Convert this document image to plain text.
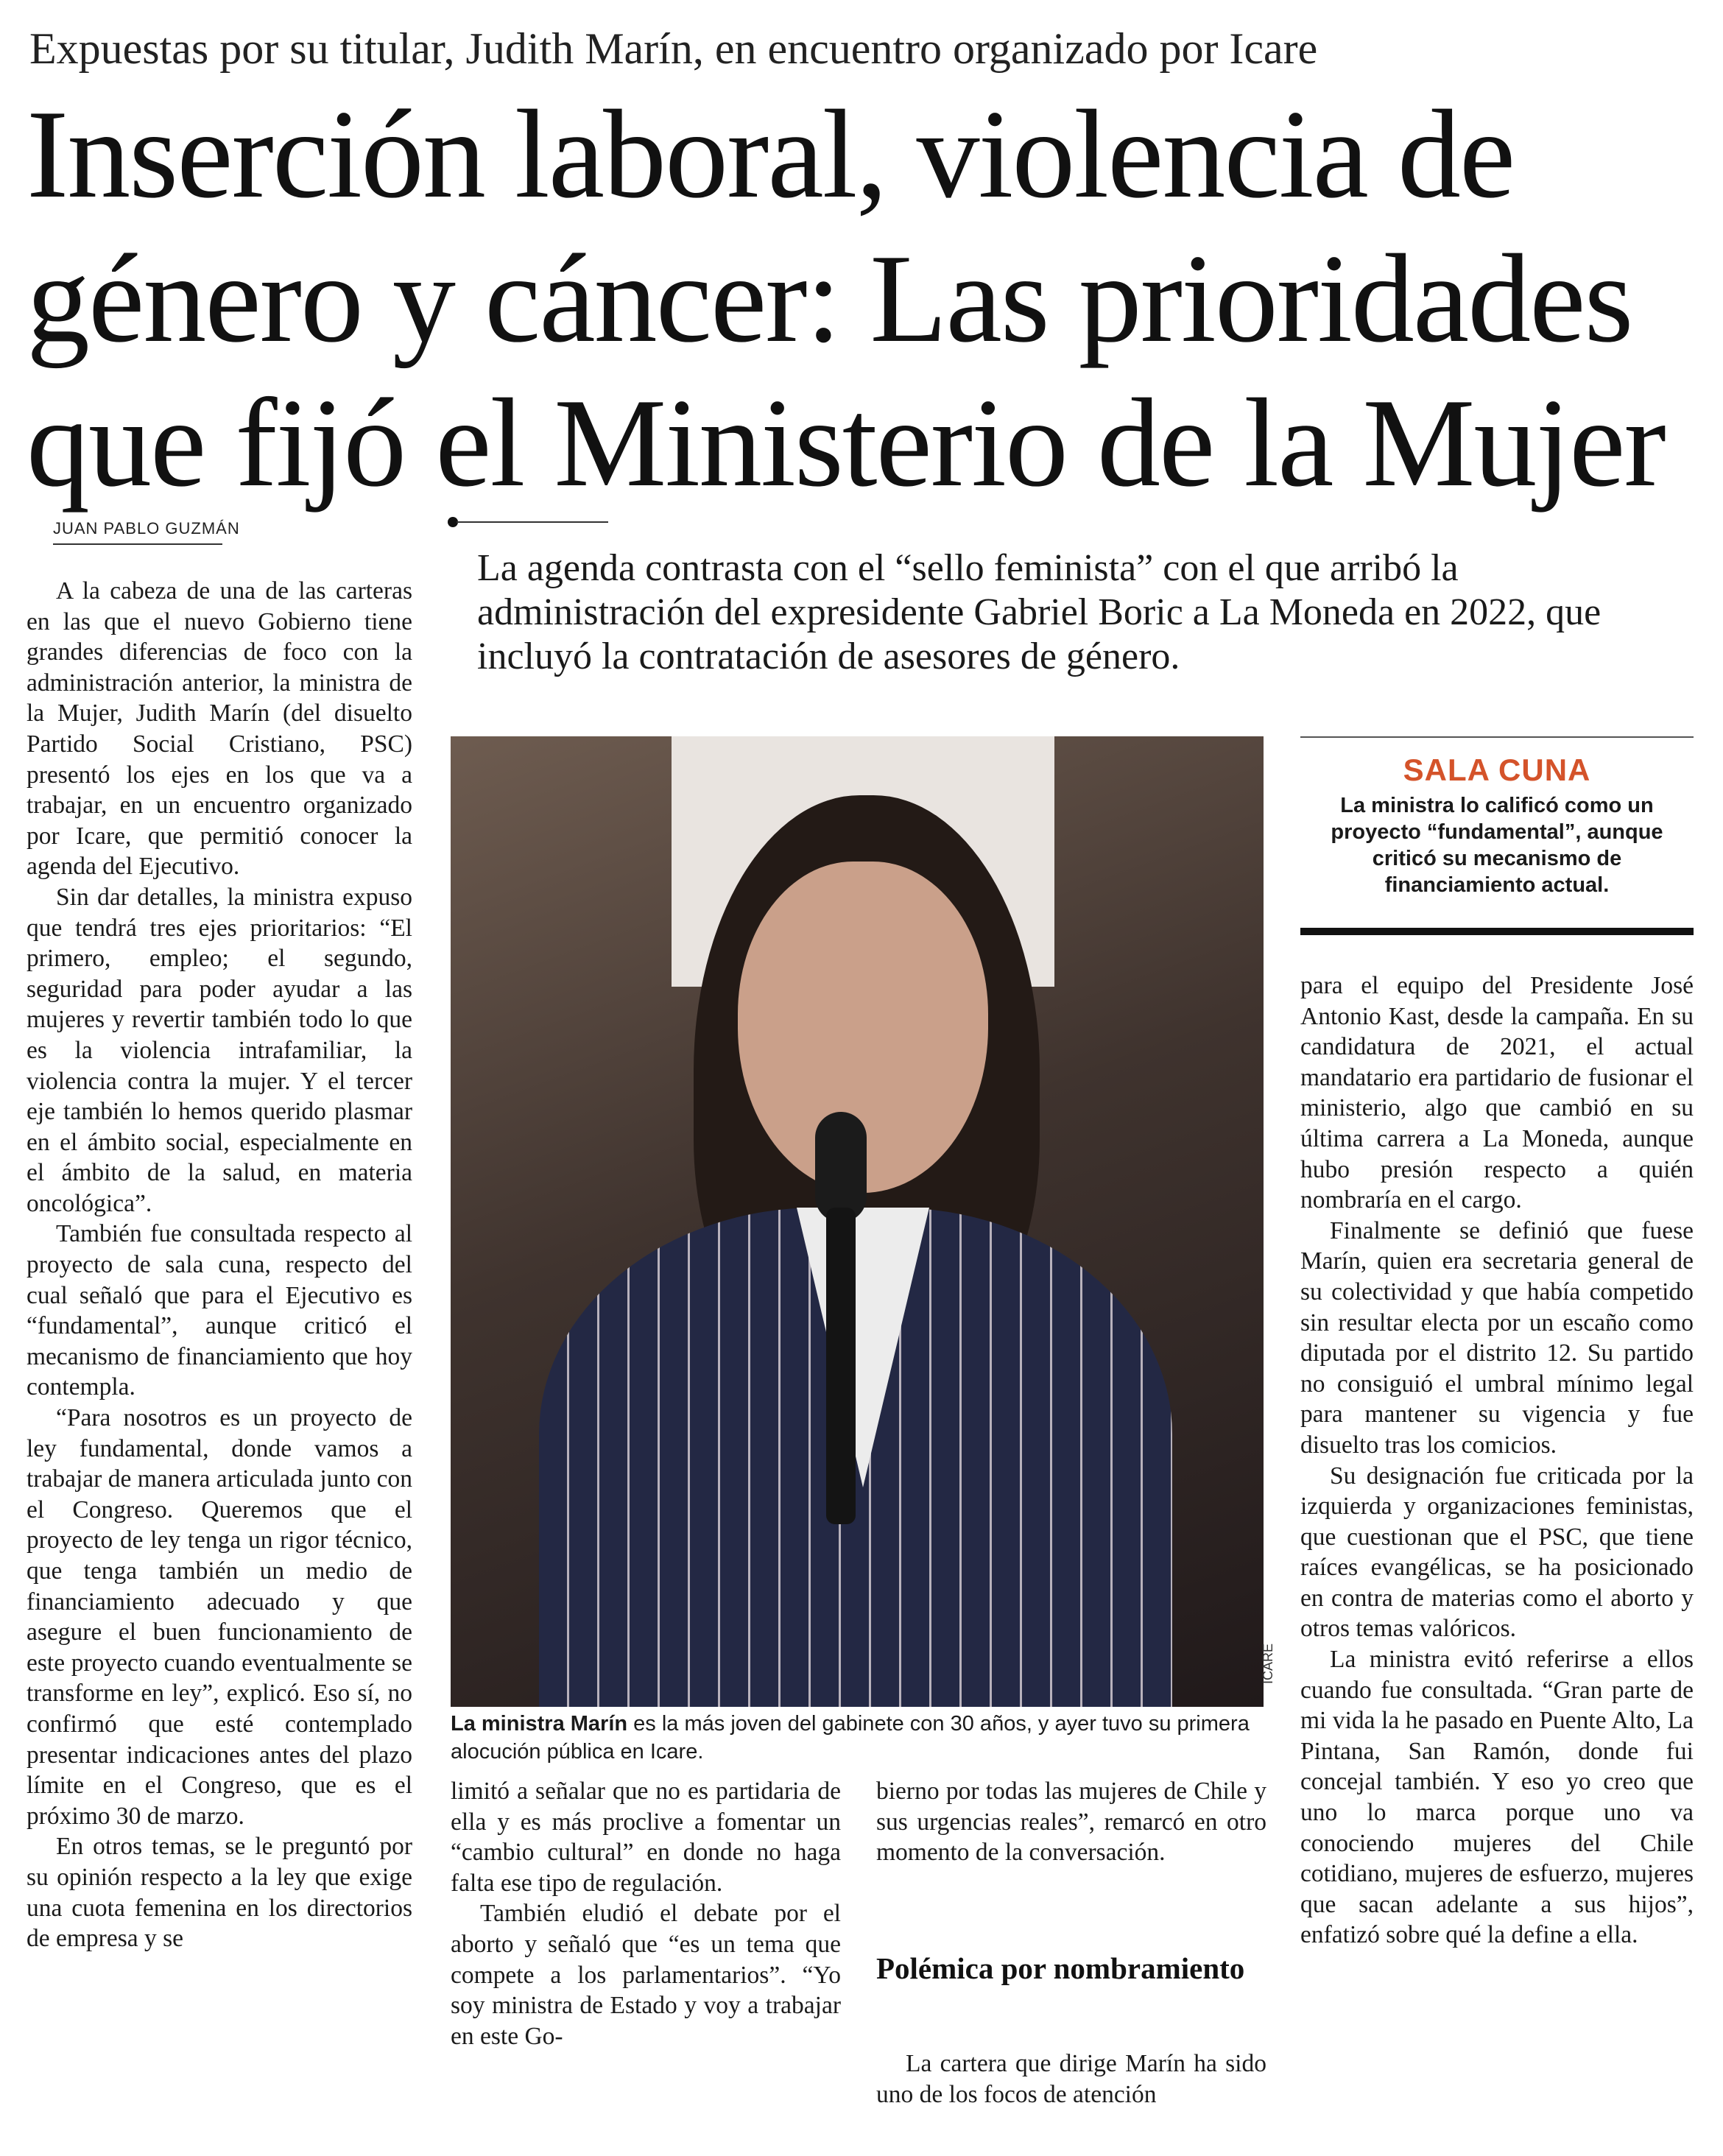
Expuestas por su titular, Judith Marín, en encuentro organizado por Icare
Inserción laboral, violencia de género y cáncer: Las prioridades que fijó el Ministerio de la Mujer
JUAN PABLO GUZMÁN
La agenda contrasta con el “sello feminista” con el que arribó la administración del expresidente Gabriel Boric a La Moneda en 2022, que incluyó la contratación de asesores de género.

A la cabeza de una de las carteras en las que el nuevo Gobierno tiene grandes diferencias de foco con la administración anterior, la ministra de la Mujer, Judith Marín (del disuelto Partido Social Cristiano, PSC) presentó los ejes en los que va a trabajar, en un encuentro organizado por Icare, que permitió conocer la agenda del Ejecutivo.

Sin dar detalles, la ministra expuso que tendrá tres ejes prioritarios: “El primero, empleo; el segundo, seguridad para poder ayudar a las mujeres y revertir también todo lo que es la violencia intrafamiliar, la violencia contra la mujer. Y el tercer eje también lo hemos querido plasmar en el ámbito social, especialmente en el ámbito de la salud, en materia oncológica”.

También fue consultada respecto al proyecto de sala cuna, respecto del cual señaló que para el Ejecutivo es “fundamental”, aunque criticó el mecanismo de financiamiento que hoy contempla.

“Para nosotros es un proyecto de ley fundamental, donde vamos a trabajar de manera articulada junto con el Congreso. Queremos que el proyecto de ley tenga un rigor técnico, que tenga también un medio de financiamiento adecuado y que asegure el buen funcionamiento de este proyecto cuando eventualmente se transforme en ley”, explicó. Eso sí, no confirmó que esté contemplado presentar indicaciones antes del plazo límite en el Congreso, que es el próximo 30 de marzo.

En otros temas, se le preguntó por su opinión respecto a la ley que exige una cuota femenina en los directorios de empresa y se

ICARE
La ministra Marín es la más joven del gabinete con 30 años, y ayer tuvo su primera alocución pública en Icare.
SALA CUNA
La ministra lo calificó como un proyecto “fundamental”, aunque criticó su mecanismo de financiamiento actual.

limitó a señalar que no es partidaria de ella y es más proclive a fomentar un “cambio cultural” en donde no haga falta ese tipo de regulación.

También eludió el debate por el aborto y señaló que “es un tema que compete a los parlamentarios”. “Yo soy ministra de Estado y voy a trabajar en este Go-

bierno por todas las mujeres de Chile y sus urgencias reales”, remarcó en otro momento de la conversación.

Polémica por nombramiento

La cartera que dirige Marín ha sido uno de los focos de atención

para el equipo del Presidente José Antonio Kast, desde la campaña. En su candidatura de 2021, el actual mandatario era partidario de fusionar el ministerio, algo que cambió en su última carrera a La Moneda, aunque hubo presión respecto a quién nombraría en el cargo.

Finalmente se definió que fuese Marín, quien era secretaria general de su colectividad y que había competido sin resultar electa por un escaño como diputada por el distrito 12. Su partido no consiguió el umbral mínimo legal para mantener su vigencia y fue disuelto tras los comicios.

Su designación fue criticada por la izquierda y organizaciones feministas, que cuestionan que el PSC, que tiene raíces evangélicas, se ha posicionado en contra de materias como el aborto y otros temas valóricos.

La ministra evitó referirse a ellos cuando fue consultada. “Gran parte de mi vida la he pasado en Puente Alto, La Pintana, San Ramón, donde fui concejal también. Y eso yo creo que uno lo marca porque uno va conociendo mujeres del Chile cotidiano, mujeres de esfuerzo, mujeres que sacan adelante a sus hijos”, enfatizó sobre qué la define a ella.
